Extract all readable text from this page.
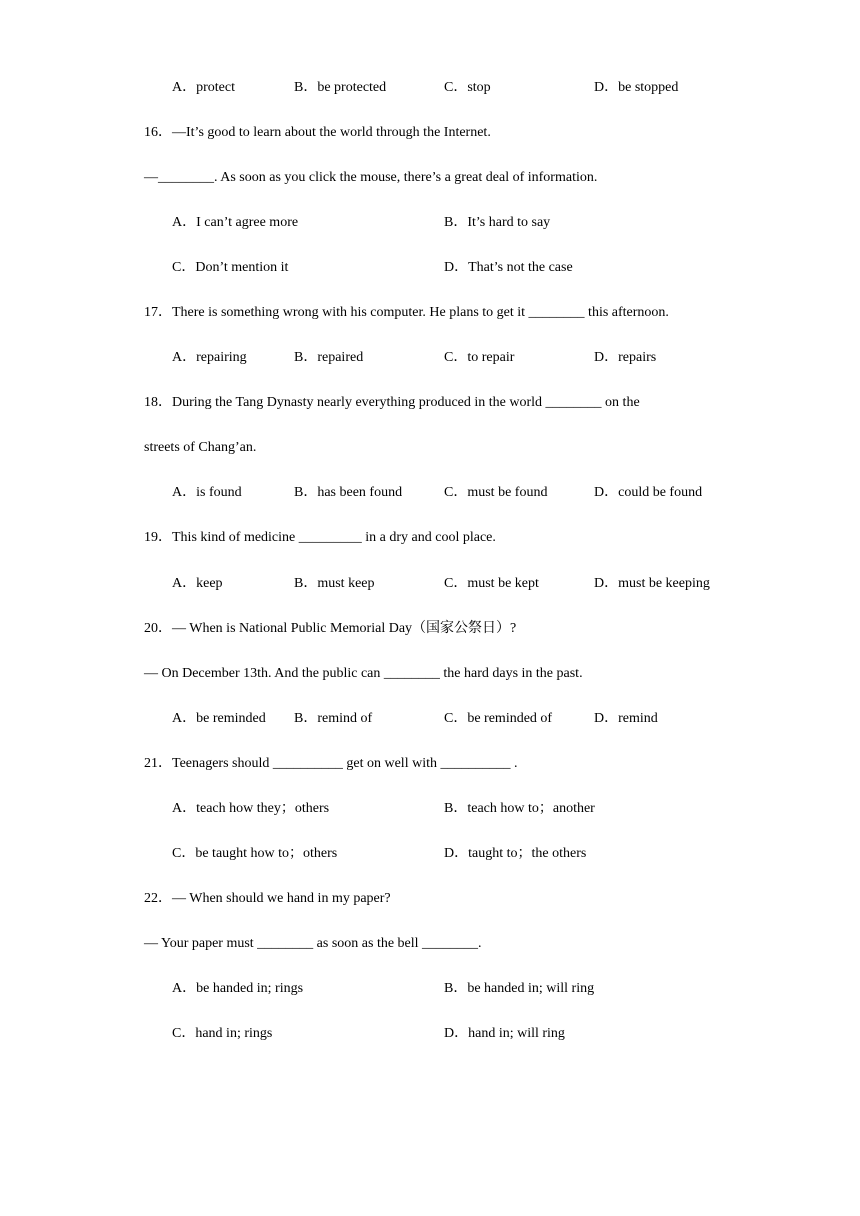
A．protect	B．be protected	C．stop	D．be stopped
16．—It’s good to learn about the world through the Internet.
—________. As soon as you click the mouse, there’s a great deal of information.
A．I can’t agree more	B．It’s hard to say
C．Don’t mention it	D．That’s not the case
17．There is something wrong with his computer. He plans to get it ________ this afternoon.
A．repairing	B．repaired	C．to repair	D．repairs
18．During the Tang Dynasty nearly everything produced in the world ________ on the
streets of Chang’an.
A．is found	B．has been found	C．must be found	D．could be found
19．This kind of medicine _________ in a dry and cool place.
A．keep	B．must keep	C．must be kept	D．must be keeping
20．— When is National Public Memorial Day（国家公祭日）?
— On December 13th. And the public can ________ the hard days in the past.
A．be reminded B．remind of	C．be reminded of	D．remind
21．Teenagers should __________ get on well with __________ .
A．teach how they；others	B．teach how to；another
C．be taught how to；others	D．taught to；the others
22．— When should we hand in my paper?
— Your paper must ________ as soon as the bell ________.
A．be handed in; rings	B．be handed in; will ring
C．hand in; rings	D．hand in; will ring
